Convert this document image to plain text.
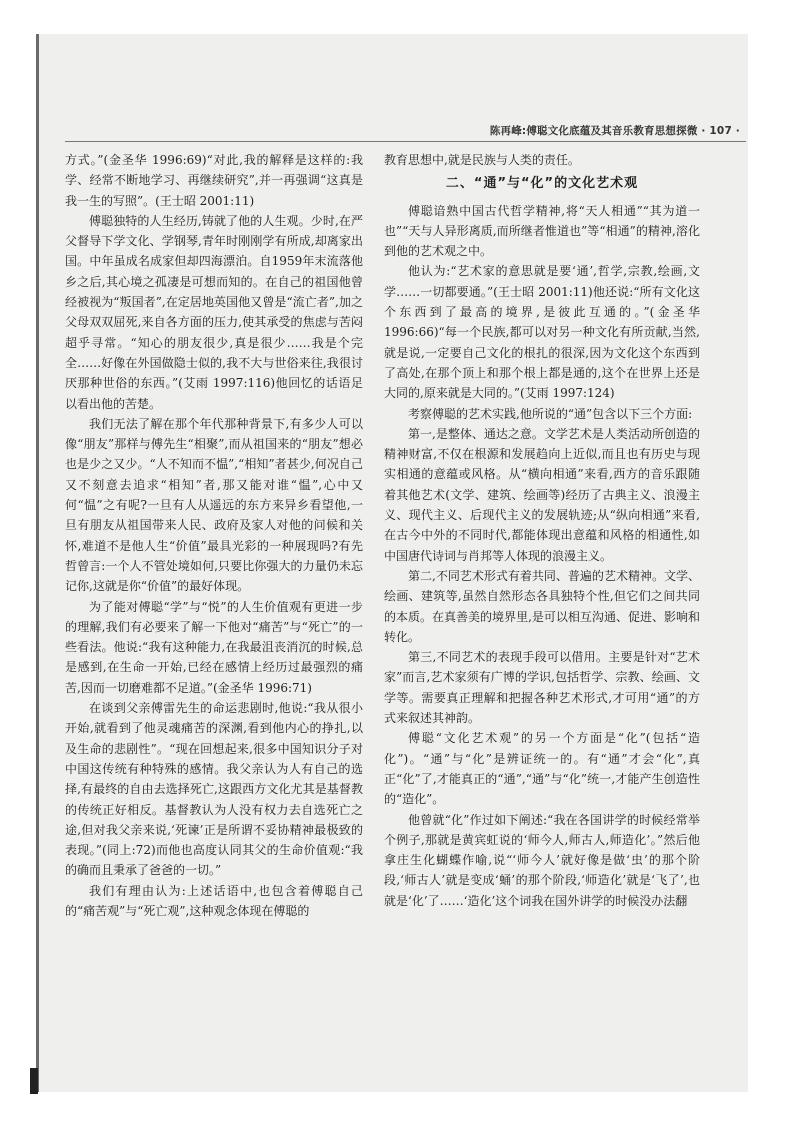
陈再峰:傅聪文化底蕴及其音乐教育思想探微 · 107 ·

方式。”(金圣华 1996:69)“对此,我的解释是这样的:我学、经常不断地学习、再继续研究”,并一再强调“这真是我一生的写照”。(王士昭 2001:11)

傅聪独特的人生经历,铸就了他的人生观。少时,在严父督导下学文化、学钢琴,青年时刚刚学有所成,却离家出国。中年虽成名成家但却四海漂泊。自1959年末流落他乡之后,其心境之孤凄是可想而知的。在自己的祖国他曾经被视为“叛国者”,在定居地英国他又曾是“流亡者”,加之父母双双屈死,来自各方面的压力,使其承受的焦虑与苦闷超乎寻常。“知心的朋友很少,真是很少……我是个完全……好像在外国做隐士似的,我不大与世俗来往,我很讨厌那种世俗的东西。”(艾雨 1997:116)他回忆的话语足以看出他的苦楚。

我们无法了解在那个年代那种背景下,有多少人可以像“朋友”那样与傅先生“相聚”,而从祖国来的“朋友”想必也是少之又少。“人不知而不愠”,“相知”者甚少,何况自己又不刻意去追求“相知”者,那又能对谁“愠”,心中又何“愠”之有呢?一旦有人从遥远的东方来异乡看望他,一旦有朋友从祖国带来人民、政府及家人对他的问候和关怀,难道不是他人生“价值”最具光彩的一种展现吗?有先哲曾言:一个人不管处境如何,只要比你强大的力量仍未忘记你,这就是你“价值”的最好体现。

为了能对傅聪“学”与“悦”的人生价值观有更进一步的理解,我们有必要来了解一下他对“痛苦”与“死亡”的一些看法。他说:“我有这种能力,在我最沮丧消沉的时候,总是感到,在生命一开始,已经在感情上经历过最强烈的痛苦,因而一切磨难都不足道。”(金圣华 1996:71)

在谈到父亲傅雷先生的命运悲剧时,他说:“我从很小开始,就看到了他灵魂痛苦的深渊,看到他内心的挣扎,以及生命的悲剧性”。“现在回想起来,很多中国知识分子对中国这传统有种特殊的感情。我父亲认为人有自己的选择,有最终的自由去选择死亡,这跟西方文化尤其是基督教的传统正好相反。基督教认为人没有权力去自选死亡之途,但对我父亲来说,‘死谏’正是所谓不妥协精神最极致的表现。”(同上:72)而他也高度认同其父的生命价值观:“我的确而且秉承了爸爸的一切。”

我们有理由认为:上述话语中,也包含着傅聪自己的“痛苦观”与“死亡观”,这种观念体现在傅聪的

教育思想中,就是民族与人类的责任。

二、“通”与“化”的文化艺术观

傅聪谙熟中国古代哲学精神,将“天人相通”“其为道一也”“天与人异形离质,而所继者惟道也”等“相通”的精神,溶化到他的艺术观之中。

他认为:“艺术家的意思就是要‘通’,哲学,宗教,绘画,文学……一切都要通。”(王士昭 2001:11)他还说:“所有文化这个东西到了最高的境界,是彼此互通的。”(金圣华 1996:66)“每一个民族,都可以对另一种文化有所贡献,当然,就是说,一定要自己文化的根扎的很深,因为文化这个东西到了高处,在那个顶上和那个根上都是通的,这个在世界上还是大同的,原来就是大同的。”(艾雨 1997:124)

考察傅聪的艺术实践,他所说的“通”包含以下三个方面:

第一,是整体、通达之意。文学艺术是人类活动所创造的精神财富,不仅在根源和发展趋向上近似,而且也有历史与现实相通的意蕴或风格。从“横向相通”来看,西方的音乐跟随着其他艺术(文学、建筑、绘画等)经历了古典主义、浪漫主义、现代主义、后现代主义的发展轨迹;从“纵向相通”来看,在古今中外的不同时代,都能体现出意蕴和风格的相通性,如中国唐代诗词与肖邦等人体现的浪漫主义。

第二,不同艺术形式有着共同、普遍的艺术精神。文学、绘画、建筑等,虽然自然形态各具独特个性,但它们之间共同的本质。在真善美的境界里,是可以相互沟通、促进、影响和转化。

第三,不同艺术的表现手段可以借用。主要是针对“艺术家”而言,艺术家须有广博的学识,包括哲学、宗教、绘画、文学等。需要真正理解和把握各种艺术形式,才可用“通”的方式来叙述其神韵。

傅聪“文化艺术观”的另一个方面是“化”(包括“造化”)。“通”与“化”是辨证统一的。有“通”才会“化”,真正“化”了,才能真正的“通”,“通”与“化”统一,才能产生创造性的“造化”。

他曾就“化”作过如下阐述:“我在各国讲学的时候经常举个例子,那就是黄宾虹说的‘师今人,师古人,师造化’。”然后他拿庄生化蝴蝶作喻,说“‘师今人’就好像是做‘虫’的那个阶段,‘师古人’就是变成‘蛹’的那个阶段,‘师造化’就是‘飞了’,也就是‘化’了……‘造化’这个词我在国外讲学的时候没办法翻
